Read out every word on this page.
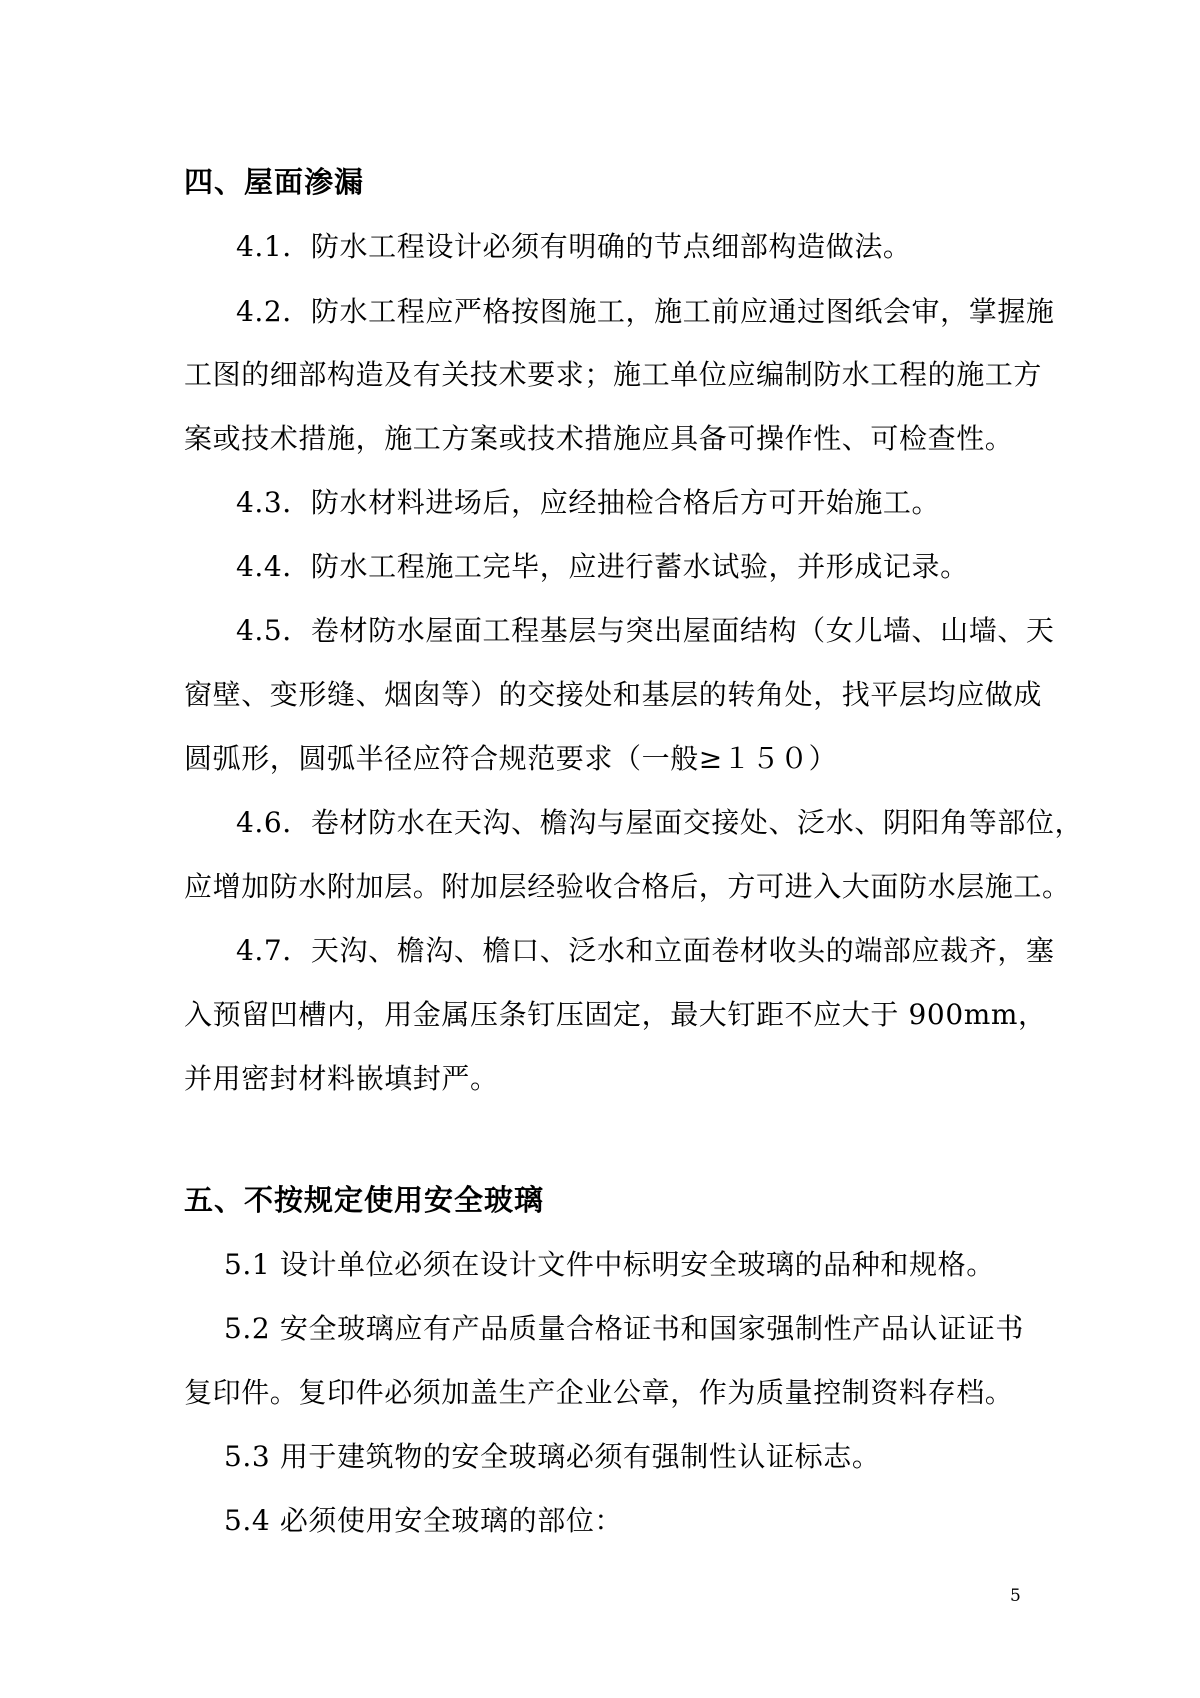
四、屋面渗漏
4.1．防水工程设计必须有明确的节点细部构造做法。
4.2．防水工程应严格按图施工，施工前应通过图纸会审，掌握施
工图的细部构造及有关技术要求；施工单位应编制防水工程的施工方
案或技术措施，施工方案或技术措施应具备可操作性、可检查性。
4.3．防水材料进场后，应经抽检合格后方可开始施工。
4.4．防水工程施工完毕，应进行蓄水试验，并形成记录。
4.5．卷材防水屋面工程基层与突出屋面结构（女儿墙、山墙、天
窗壁、变形缝、烟囱等）的交接处和基层的转角处，找平层均应做成
圆弧形，圆弧半径应符合规范要求（一般≥１５０）
4.6．卷材防水在天沟、檐沟与屋面交接处、泛水、阴阳角等部位，
应增加防水附加层。附加层经验收合格后，方可进入大面防水层施工。
4.7．天沟、檐沟、檐口、泛水和立面卷材收头的端部应裁齐，塞
入预留凹槽内，用金属压条钉压固定，最大钉距不应大于 900mm，
并用密封材料嵌填封严。
五、不按规定使用安全玻璃
5.1 设计单位必须在设计文件中标明安全玻璃的品种和规格。
5.2 安全玻璃应有产品质量合格证书和国家强制性产品认证证书
复印件。复印件必须加盖生产企业公章，作为质量控制资料存档。
5.3 用于建筑物的安全玻璃必须有强制性认证标志。
5.4 必须使用安全玻璃的部位：
5
